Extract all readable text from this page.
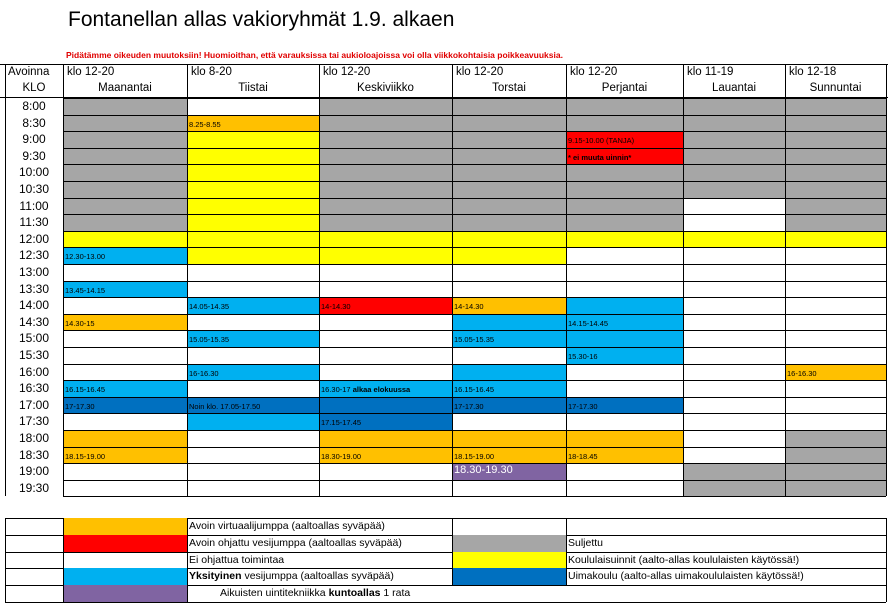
Fontanellan allas vakioryhmät 1.9. alkaen
Pidätämme oikeuden muutoksiin! Huomioithan, että varauksissa tai aukioloajoissa voi olla viikkokohtaisia poikkeavuuksia.
Avoinna
KLO
klo 12-20
Maanantai
klo 8-20
Tiistai
klo 12-20
Keskiviikko
klo 12-20
Torstai
klo 12-20
Perjantai
klo 11-19
Lauantai
klo 12-18
Sunnuntai
12.30-13.00
13.45-14.15
14.30-15
16.15-16.45
17-17.30
18.15-19.00
8.25-8.55
14.05-14.35
15.05-15.35
16-16.30
Noin klo. 17.05-17.50
14-14.30
16.30-17 alkaa elokuussa
17.15-17.45
18.30-19.00
14-14.30
15.05-15.35
16.15-16.45
17-17.30
18.15-19.00
18.30-19.30
9.15-10.00 (TANJA)
* ei muuta uinnin*
14.15-14.45
15.30-16
17-17.30
18-18.45
16-16.30
8:00
8:30
9:00
9:30
10:00
10:30
11:00
11:30
12:00
12:30
13:00
13:30
14:00
14:30
15:00
15:30
16:00
16:30
17:00
17:30
18:00
18:30
19:00
19:30
Avoin virtuaalijumppa (aaltoallas syväpää)
Avoin ohjattu vesijumppa (aaltoallas syväpää)
Ei ohjattua toimintaa
Yksityinen vesijumppa (aaltoallas syväpää)
Aikuisten uintitekniikka kuntoallas 1 rata
Suljettu
Koululaisuinnit (aalto-allas koululaisten käytössä!)
Uimakoulu (aalto-allas uimakoululaisten käytössä!)
